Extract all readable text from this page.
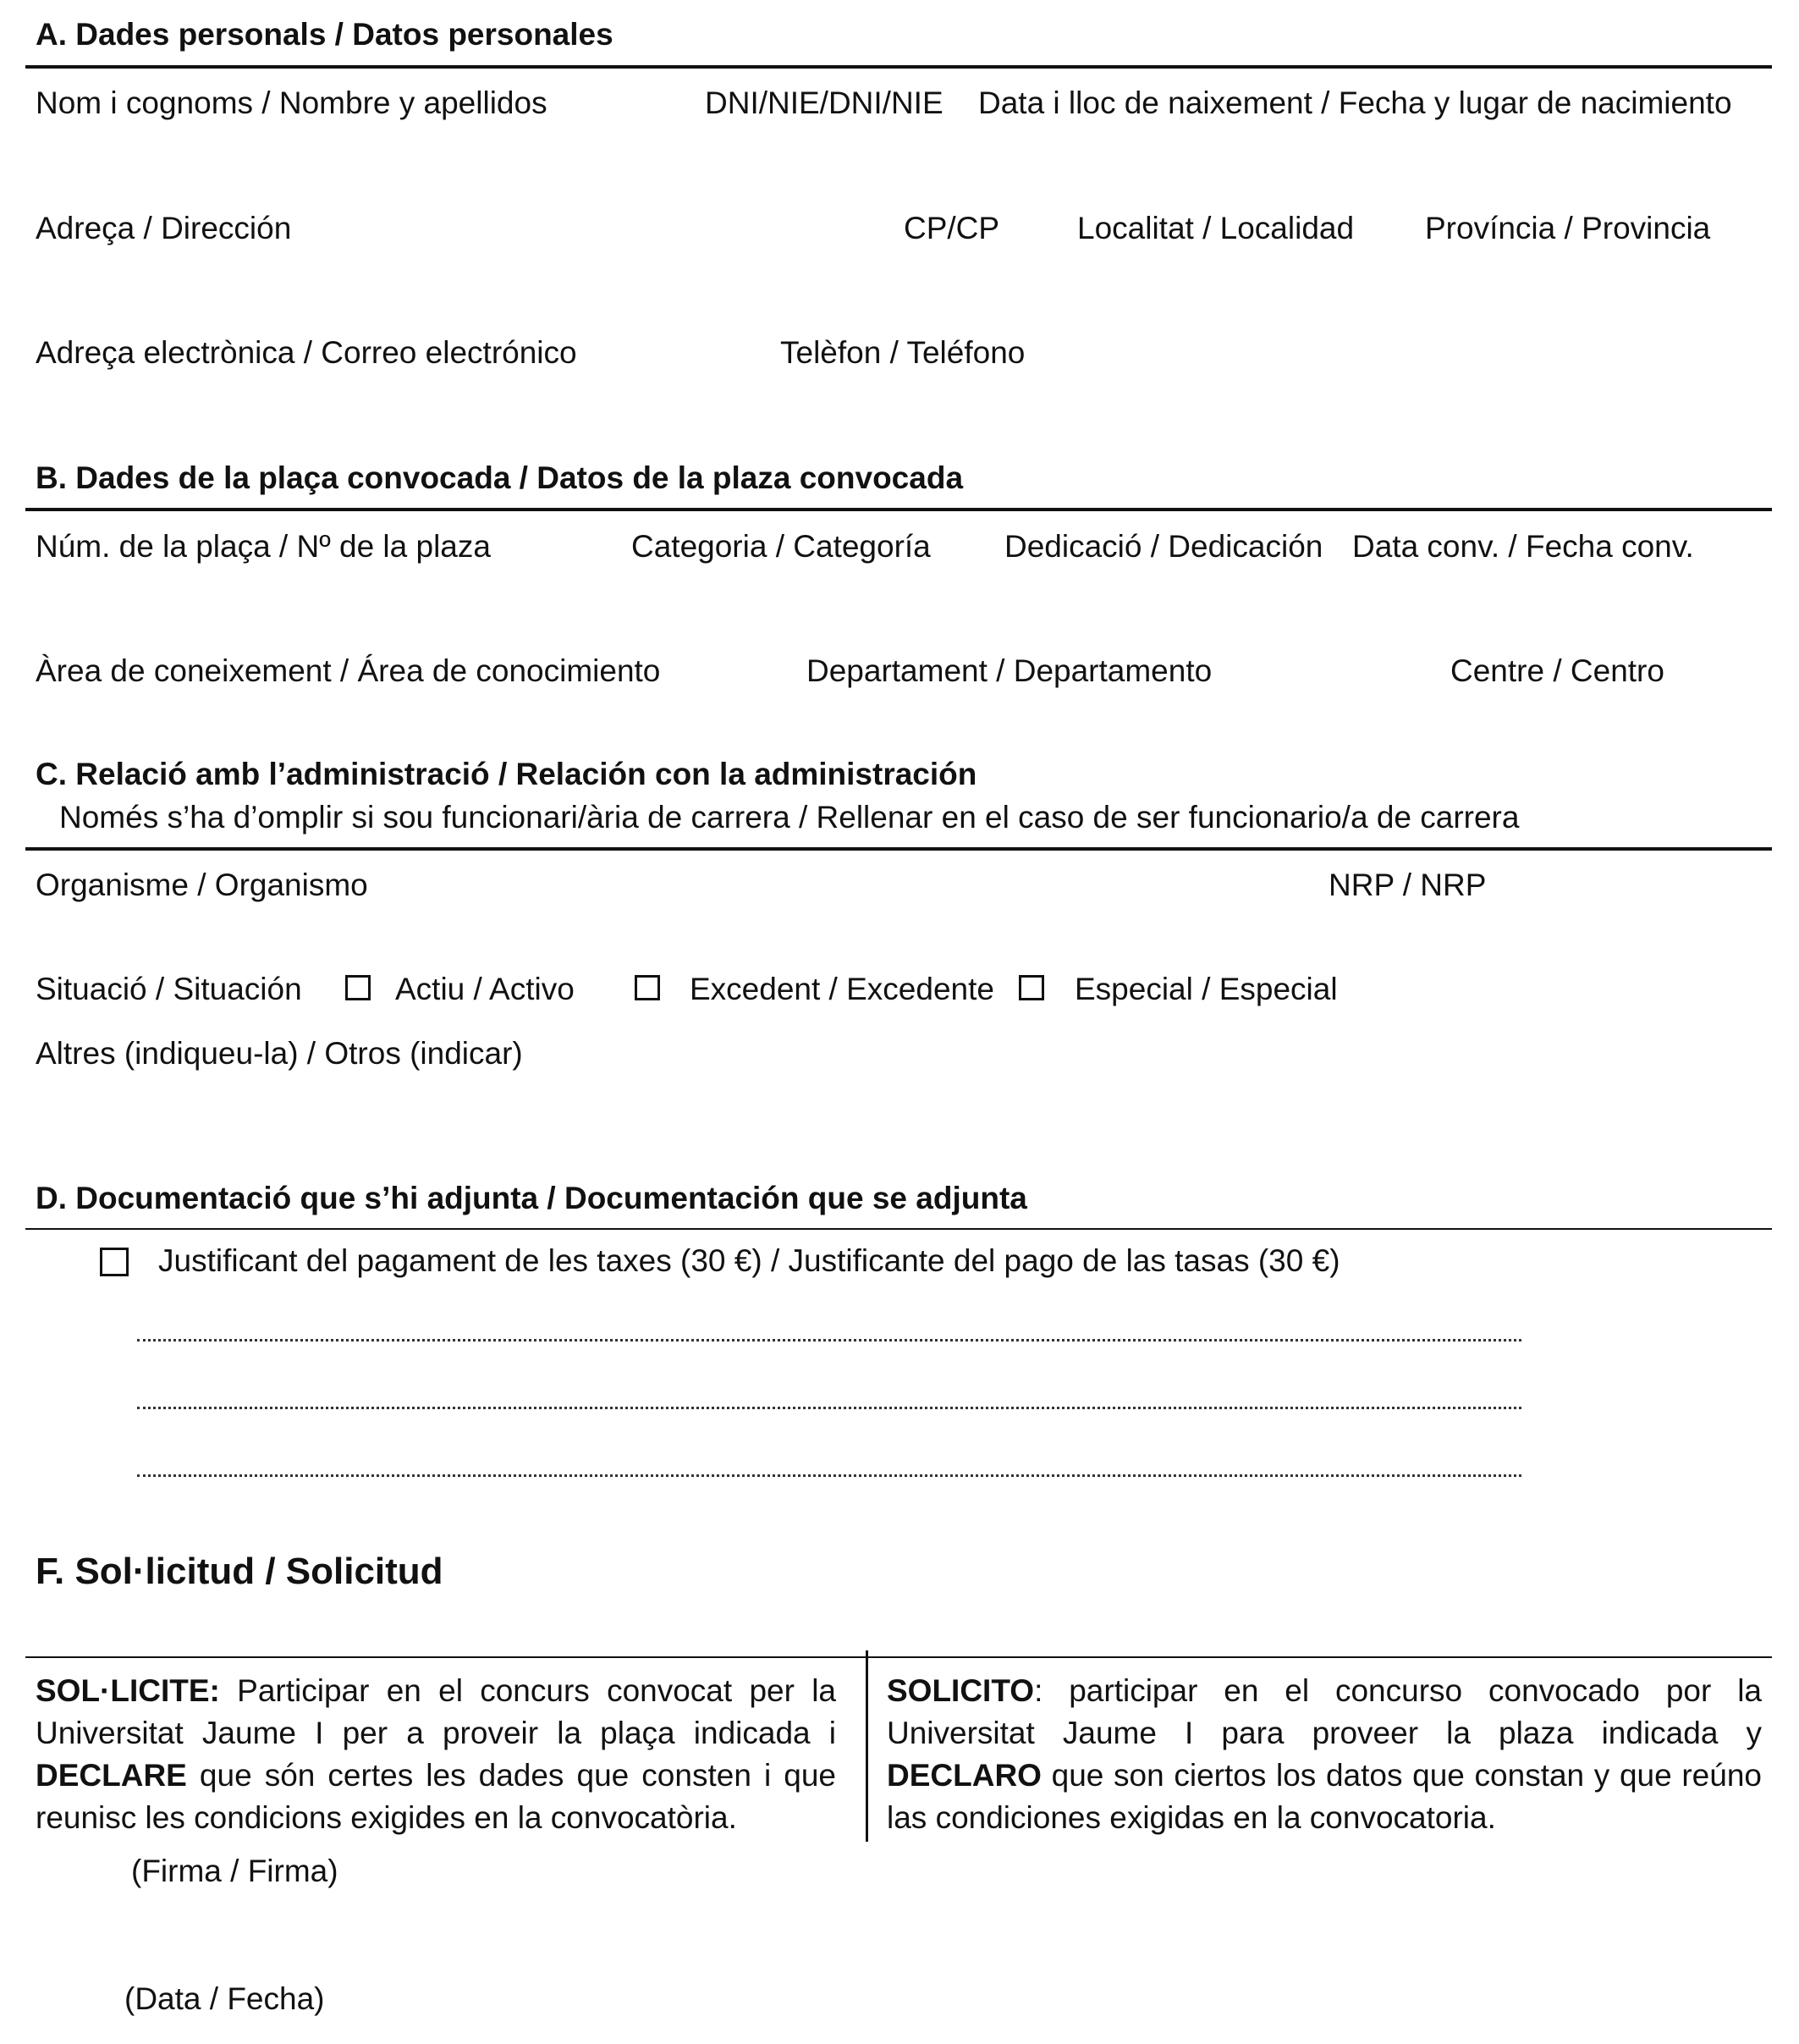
A. Dades personals / Datos personales
Nom i cognoms / Nombre y apellidos	DNI/NIE/DNI/NIE Data i lloc de naixement / Fecha y lugar de nacimiento
Adreça / Dirección	CP/CP Localitat / Localidad Província / Provincia
Adreça electrònica / Correo electrónico	Telèfon / Teléfono
B. Dades de la plaça convocada / Datos de la plaza convocada
Núm. de la plaça / Nº de la plaza	Categoria / Categoría Dedicació / Dedicación Data conv. / Fecha conv.
Àrea de coneixement / Área de conocimiento	Departament / Departamento	Centre / Centro
C. Relació amb l’administració / Relación con la administración
Només s’ha d’omplir si sou funcionari/ària de carrera / Rellenar en el caso de ser funcionario/a de carrera
Organisme / Organismo	NRP / NRP
Situació / Situación	Actiu / Activo	Excedent / Excedente	Especial / Especial
Altres (indiqueu-la) / Otros (indicar)
D. Documentació que s’hi adjunta / Documentación que se adjunta
Justificant del pagament de les taxes (30 €) / Justificante del pago de las tasas (30 €)
F. Sol·licitud / Solicitud
SOL·LICITE: Participar en el concurs convocat per la Universitat Jaume I per a proveir la plaça indicada i DECLARE que són certes les dades que consten i que reunisc les condicions exigides en la convocatòria.
SOLICITO: participar en el concurso convocado por la Universitat Jaume I para proveer la plaza indicada y DECLARO que son ciertos los datos que constan y que reúno las condiciones exigidas en la convocatoria.
(Firma / Firma)
(Data / Fecha)
